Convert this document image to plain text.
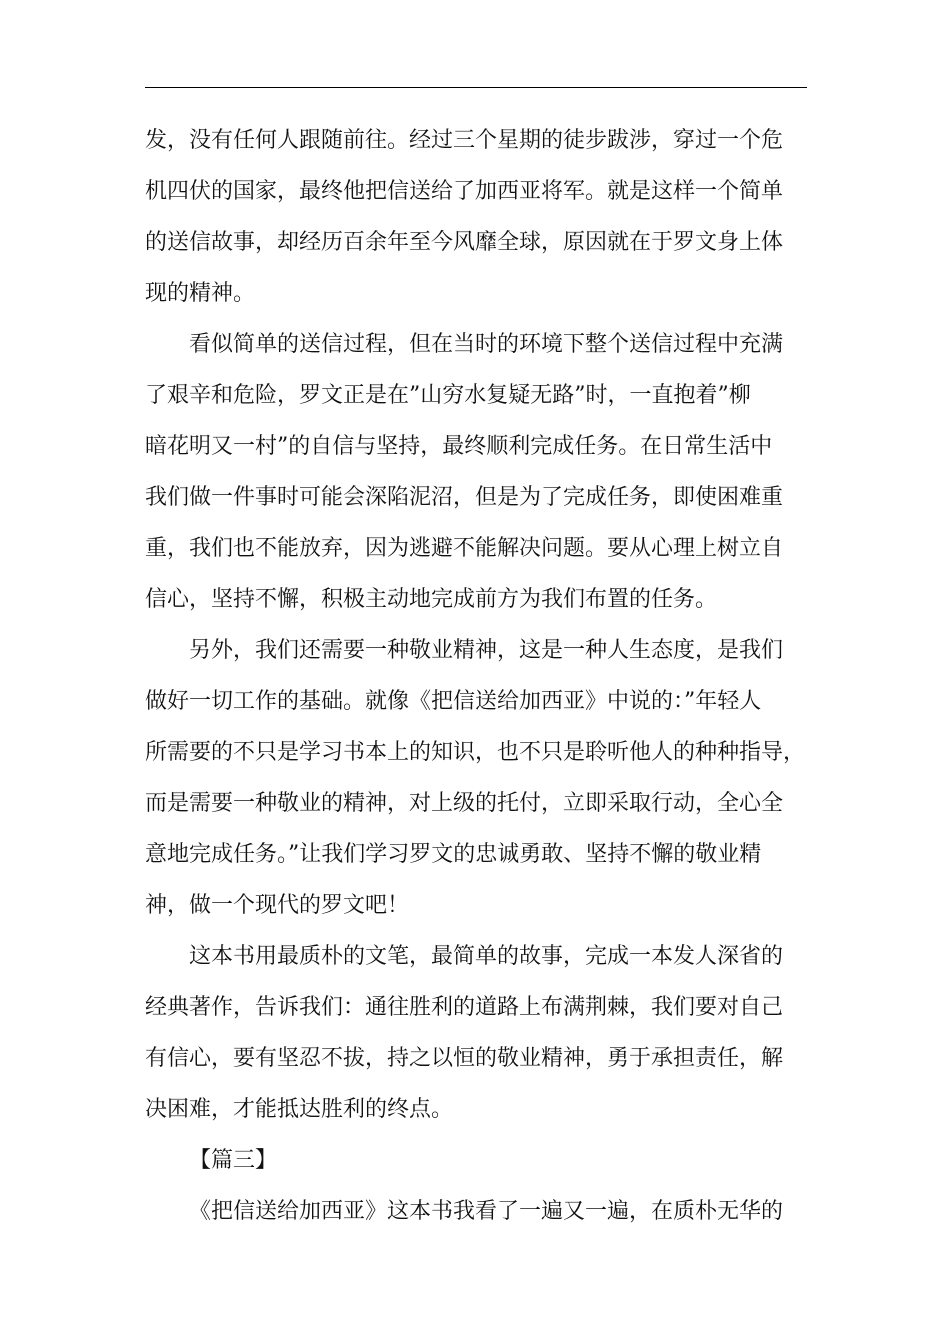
发，没有任何人跟随前往。经过三个星期的徒步跋涉，穿过一个危
机四伏的国家，最终他把信送给了加西亚将军。就是这样一个简单
的送信故事，却经历百余年至今风靡全球，原因就在于罗文身上体
现的精神。
看似简单的送信过程，但在当时的环境下整个送信过程中充满
了艰辛和危险，罗文正是在”山穷水复疑无路”时，一直抱着”柳
暗花明又一村”的自信与坚持，最终顺利完成任务。在日常生活中
我们做一件事时可能会深陷泥沼，但是为了完成任务，即使困难重
重，我们也不能放弃，因为逃避不能解决问题。要从心理上树立自
信心，坚持不懈，积极主动地完成前方为我们布置的任务。
另外，我们还需要一种敬业精神，这是一种人生态度，是我们
做好一切工作的基础。就像《把信送给加西亚》中说的：”年轻人
所需要的不只是学习书本上的知识，也不只是聆听他人的种种指导，
而是需要一种敬业的精神，对上级的托付，立即采取行动，全心全
意地完成任务。”让我们学习罗文的忠诚勇敢、坚持不懈的敬业精
神，做一个现代的罗文吧！
这本书用最质朴的文笔，最简单的故事，完成一本发人深省的
经典著作，告诉我们：通往胜利的道路上布满荆棘，我们要对自己
有信心，要有坚忍不拔，持之以恒的敬业精神，勇于承担责任，解
决困难，才能抵达胜利的终点。
【篇三】
《把信送给加西亚》这本书我看了一遍又一遍，在质朴无华的
